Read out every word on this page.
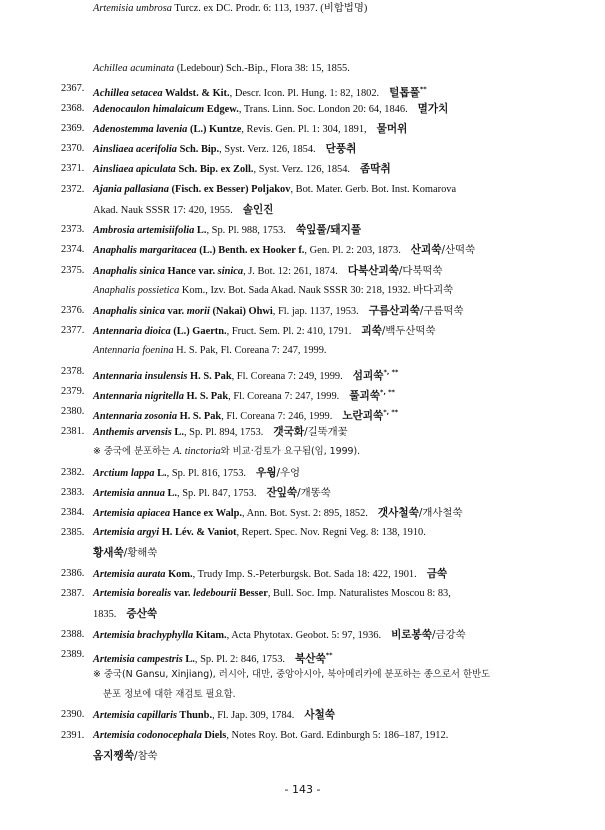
Achillea acuminata (Ledebour) Sch.-Bip., Flora 38: 15, 1855.
2367. Achillea setacea Waldst. & Kit., Descr. Icon. Pl. Hung. 1: 82, 1802. 털톱풀**
2368. Adenocaulon himalaicum Edgew., Trans. Linn. Soc. London 20: 64, 1846. 멸가치
2369. Adenostemma lavenia (L.) Kuntze, Revis. Gen. Pl. 1: 304, 1891, 물머위
2370. Ainsliaea acerifolia Sch. Bip., Syst. Verz. 126, 1854. 단풍취
2371. Ainsliaea apiculata Sch. Bip. ex Zoll., Syst. Verz. 126, 1854. 좀딱취
2372. Ajania pallasiana (Fisch. ex Besser) Poljakov, Bot. Mater. Gerb. Bot. Inst. Komarova
Akad. Nauk SSSR 17: 420, 1955. 솔인진
2373. Ambrosia artemisiifolia L., Sp. Pl. 988, 1753. 쑥잎풀/돼지풀
2374. Anaphalis margaritacea (L.) Benth. ex Hooker f., Gen. Pl. 2: 203, 1873. 산괴쑥/산떡쑥
2375. Anaphalis sinica Hance var. sinica, J. Bot. 12: 261, 1874. 다북산괴쑥/다북떡쑥
Anaphalis possietica Kom., Izv. Bot. Sada Akad. Nauk SSSR 30: 218, 1932. 바다괴쑥
2376. Anaphalis sinica var. morii (Nakai) Ohwi, Fl. jap. 1137, 1953. 구름산괴쑥/구름떡쑥
2377. Antennaria dioica (L.) Gaertn., Fruct. Sem. Pl. 2: 410, 1791. 괴쑥/백두산떡쑥
Antennaria foenina H. S. Pak, Fl. Coreana 7: 247, 1999.
2378. Antennaria insulensis H. S. Pak, Fl. Coreana 7: 249, 1999. 섬괴쑥*, **
2379. Antennaria nigritella H. S. Pak, Fl. Coreana 7: 247, 1999. 풀괴쑥*, **
2380. Antennaria zosonia H. S. Pak, Fl. Coreana 7: 246, 1999. 노란괴쑥*, **
2381. Anthemis arvensis L., Sp. Pl. 894, 1753. 갯국화/길뚝개꽃
※ 중국에 분포하는 A. tinctoria와 비교·검토가 요구됨(임, 1999).
2382. Arctium lappa L., Sp. Pl. 816, 1753. 우웡/우엉
2383. Artemisia annua L., Sp. Pl. 847, 1753. 잔잎쑥/개똥쑥
2384. Artemisia apiacea Hance ex Walp., Ann. Bot. Syst. 2: 895, 1852. 갯사철쑥/개사철쑥
2385. Artemisia argyi H. Lév. & Vaniot, Repert. Spec. Nov. Regni Veg. 8: 138, 1910.
황새쑥/황해쑥
2386. Artemisia aurata Kom., Trudy Imp. S.-Peterburgsk. Bot. Sada 18: 422, 1901. 금쑥
2387. Artemisia borealis var. ledebourii Besser, Bull. Soc. Imp. Naturalistes Moscou 8: 83,
1835. 증산쑥
2388. Artemisia brachyphylla Kitam., Acta Phytotax. Geobot. 5: 97, 1936. 비로봉쑥/금강쑥
2389. Artemisia campestris L., Sp. Pl. 2: 846, 1753. 북산쑥**
※ 중국(N Gansu, Xinjiang), 러시아, 대만, 중앙아시아, 북아메리카에 분포하는 종으로서 한반도
분포 정보에 대한 재검토 필요함.
2390. Artemisia capillaris Thunb., Fl. Jap. 309, 1784. 사철쑥
2391. Artemisia codonocephala Diels, Notes Roy. Bot. Gard. Edinburgh 5: 186–187, 1912.
옴지쨍쑥/참쑥
Artemisia umbrosa Turcz. ex DC. Prodr. 6: 113, 1937. (비합법명)
- 143 -
